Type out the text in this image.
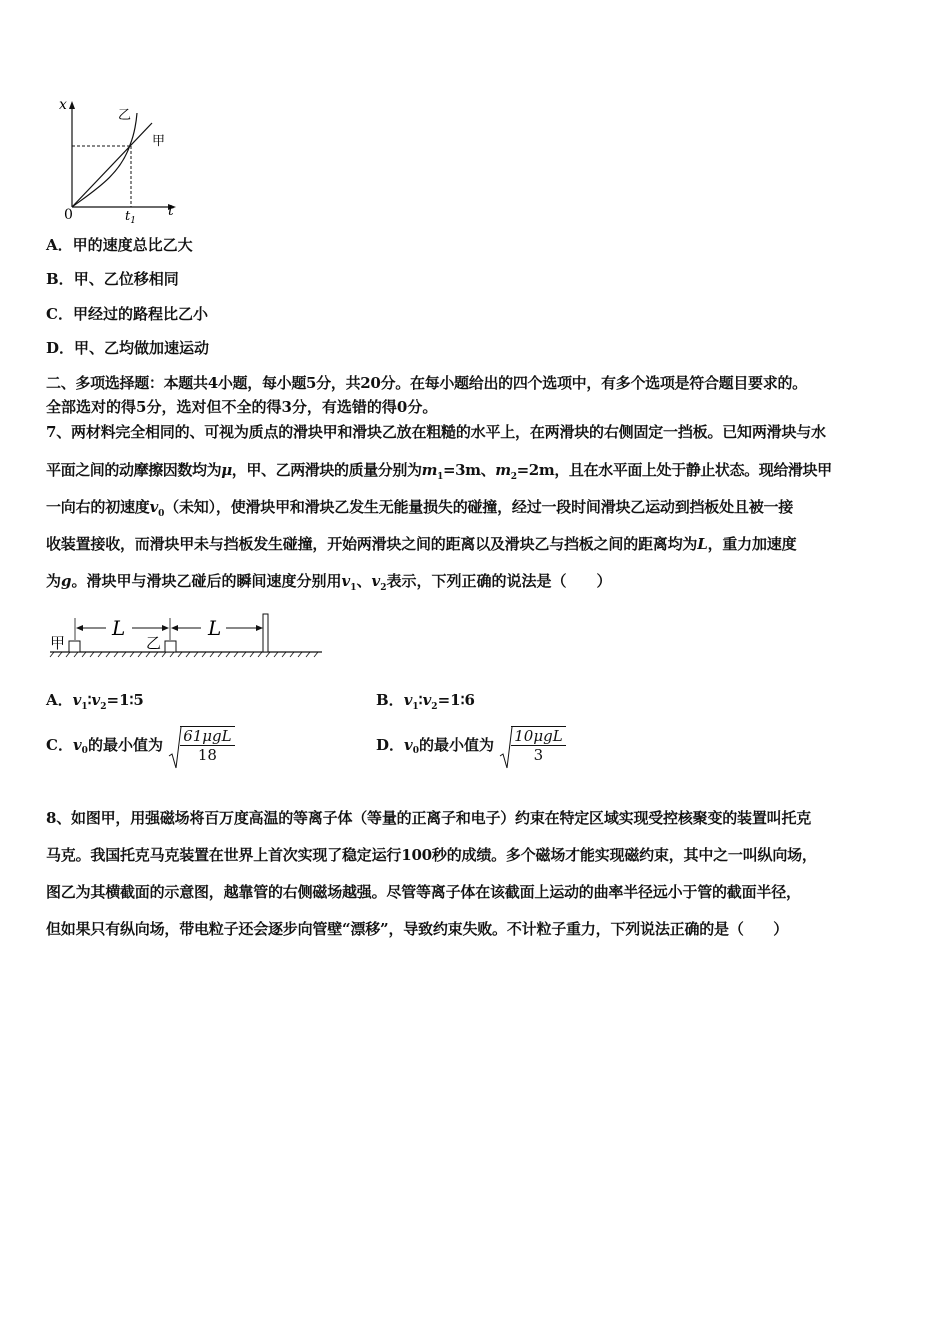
x
t
0	$t_1$
乙
甲
A．甲的速度总比乙大
B．甲、乙位移相同
C．甲经过的路程比乙小
D．甲、乙均做加速运动
二、多项选择题：本题共4小题，每小题5分，共20分。在每小题给出的四个选项中，有多个选项是符合题目要求的。
全部选对的得5分，选对但不全的得3分，有选错的得0分。
7、两材料完全相同的、可视为质点的滑块甲和滑块乙放在粗糙的水平上，在两滑块的右侧固定一挡板。已知两滑块与水
平面之间的动摩擦因数均为μ，甲、乙两滑块的质量分别为$m_1=3m$、$m_2=2m$，且在水平面上处于静止状态。现给滑块甲
一向右的初速度$v_0$（未知），使滑块甲和滑块乙发生无能量损失的碰撞，经过一段时间滑块乙运动到挡板处且被一接
收装置接收，而滑块甲未与挡板发生碰撞，开始两滑块之间的距离以及滑块乙与挡板之间的距离均为L，重力加速度
为g。滑块甲与滑块乙碰后的瞬间速度分别用$v_1$、$v_2$表示，下列正确的说法是（　　）
甲	乙
L	L
A．$v_1∶v_2=1∶5$	B．$v_1∶v_2=1∶6$
C．$v_0$的最小值为 $\frac{\text{61μgL}}{18}$	D．$v_0$的最小值为 $\frac{\text{10μgL}}{3}$
8、如图甲，用强磁场将百万度高温的等离子体（等量的正离子和电子）约束在特定区域实现受控核聚变的装置叫托克
马克。我国托克马克装置在世界上首次实现了稳定运行100秒的成绩。多个磁场才能实现磁约束，其中之一叫纵向场，
图乙为其横截面的示意图，越靠管的右侧磁场越强。尽管等离子体在该截面上运动的曲率半径远小于管的截面半径，
但如果只有纵向场，带电粒子还会逐步向管壁“漂移”，导致约束失败。不计粒子重力，下列说法正确的是（　　）
